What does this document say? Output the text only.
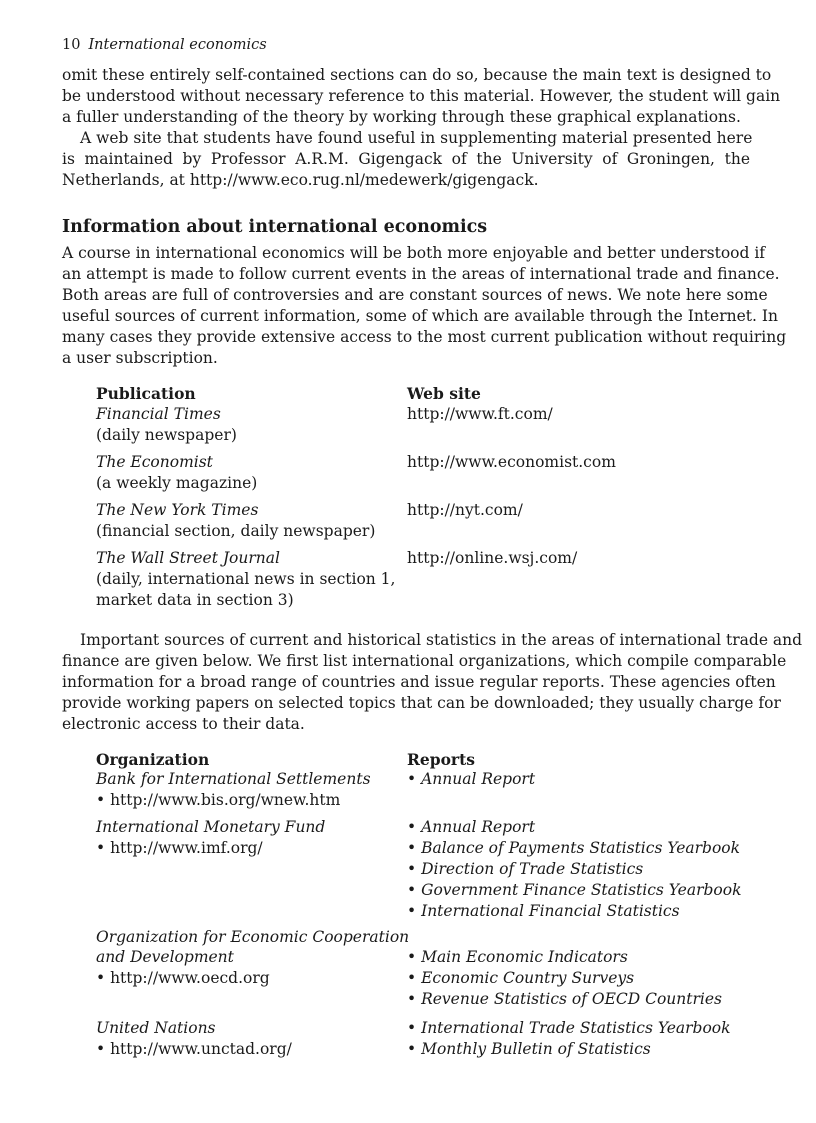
10 International economics
omit these entirely self-contained sections can do so, because the main text is designed to
be understood without necessary reference to this material. However, the student will gain
a fuller understanding of the theory by working through these graphical explanations.
A web site that students have found useful in supplementing material presented here
is maintained by Professor A.R.M. Gigengack of the University of Groningen, the
Netherlands, at http://www.eco.rug.nl/medewerk/gigengack.
Information about international economics
A course in international economics will be both more enjoyable and better understood if
an attempt is made to follow current events in the areas of international trade and finance.
Both areas are full of controversies and are constant sources of news. We note here some
useful sources of current information, some of which are available through the Internet. In
many cases they provide extensive access to the most current publication without requiring
a user subscription.
Publication	Web site
Financial Times
(daily newspaper)
http://www.ft.com/
The Economist
(a weekly magazine)
http://www.economist.com
The New York Times
(financial section, daily newspaper)
http://nyt.com/
The Wall Street Journal
(daily, international news in section 1,
market data in section 3)
http://online.wsj.com/
Important sources of current and historical statistics in the areas of international trade and
finance are given below. We first list international organizations, which compile comparable
information for a broad range of countries and issue regular reports. These agencies often
provide working papers on selected topics that can be downloaded; they usually charge for
electronic access to their data.
Organization	Reports
Bank for International Settlements
• http://www.bis.org/wnew.htm
• Annual Report
International Monetary Fund
• http://www.imf.org/
• Annual Report
• Balance of Payments Statistics Yearbook
• Direction of Trade Statistics
• Government Finance Statistics Yearbook
• International Financial Statistics
Organization for Economic Cooperation
and Development
• http://www.oecd.org
• Main Economic Indicators
• Economic Country Surveys
• Revenue Statistics of OECD Countries
United Nations
• http://www.unctad.org/
• International Trade Statistics Yearbook
• Monthly Bulletin of Statistics
